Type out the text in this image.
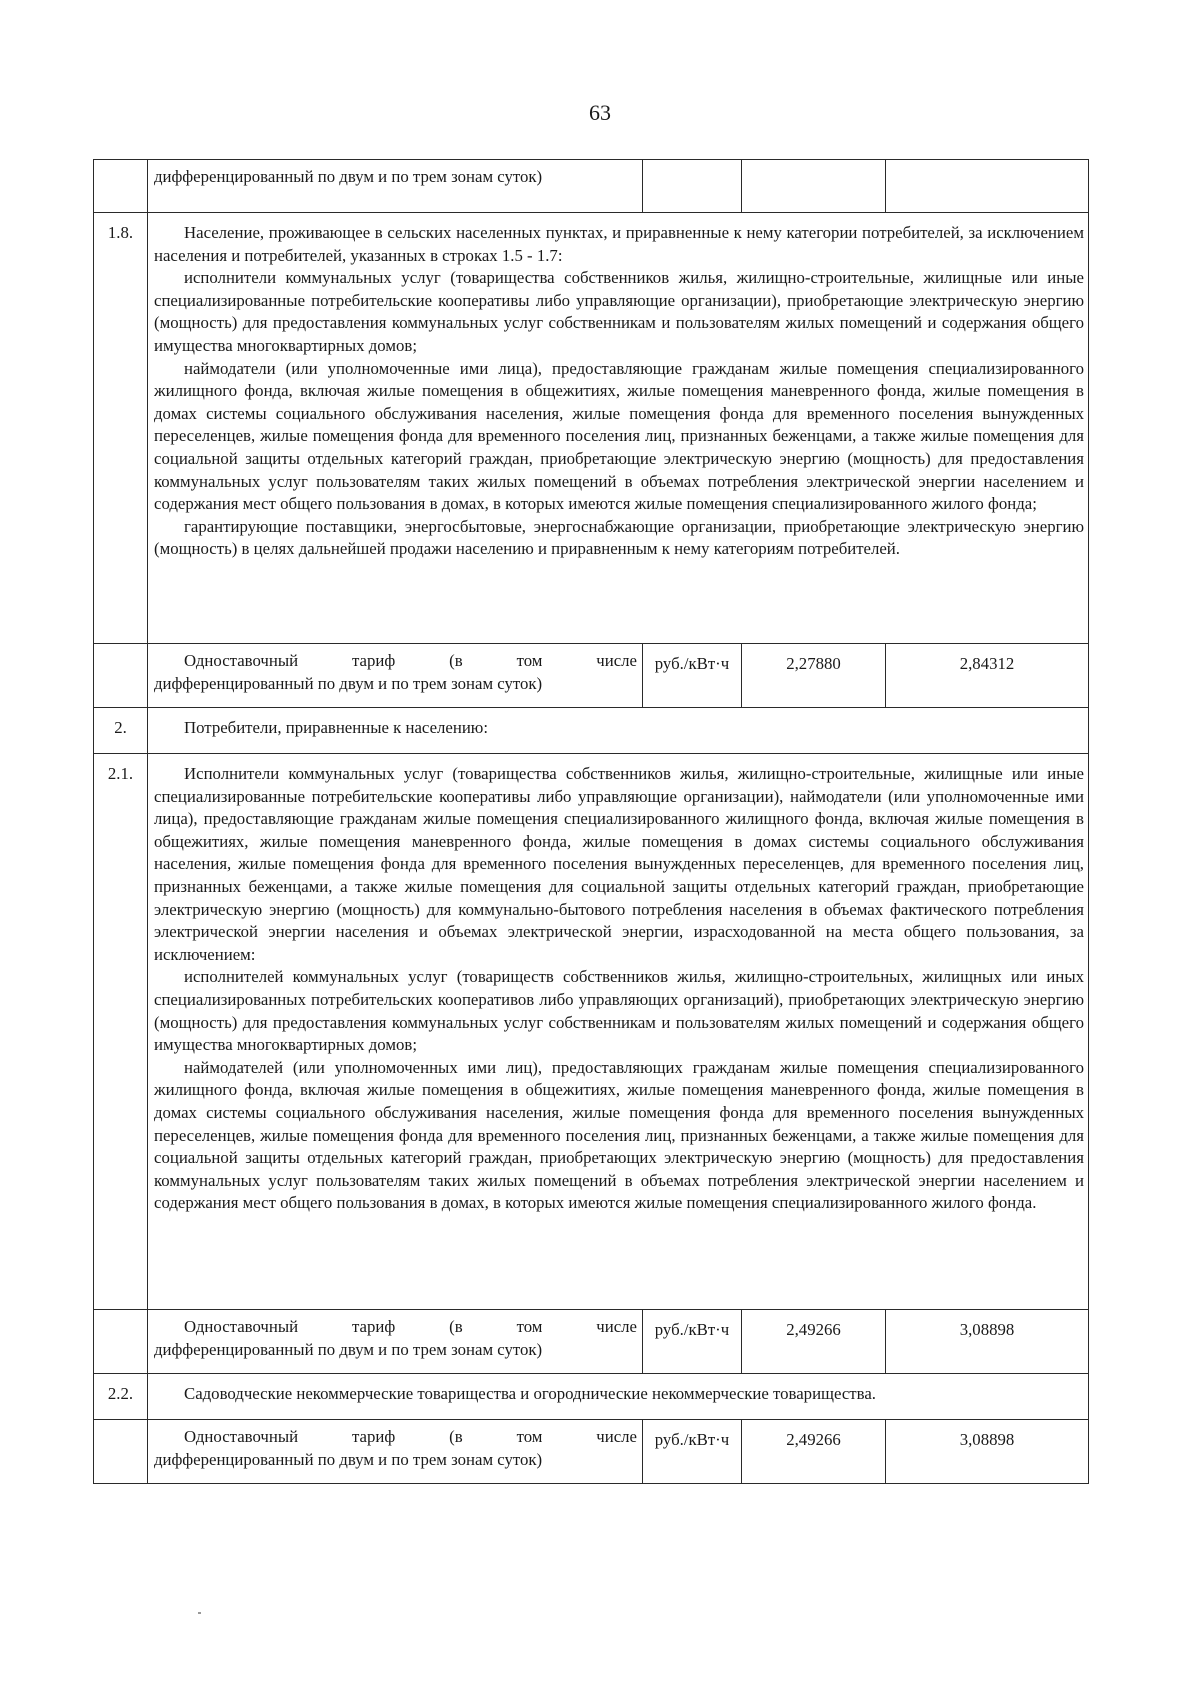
63
	дифференцированный по двум и по трем зонам суток)			
1.8.	Население, проживающее в сельских населенных пунктах, и приравненные к нему категории потребителей, за исключением населения и потребителей, указанных в строках 1.5 - 1.7:

исполнители коммунальных услуг (товарищества собственников жилья, жилищно-строительные, жилищные или иные специализированные потребительские кооперативы либо управляющие организации), приобретающие электрическую энергию (мощность) для предоставления коммунальных услуг собственникам и пользователям жилых помещений и содержания общего имущества многоквартирных домов;

наймодатели (или уполномоченные ими лица), предоставляющие гражданам жилые помещения специализированного жилищного фонда, включая жилые помещения в общежитиях, жилые помещения маневренного фонда, жилые помещения в домах системы социального обслуживания населения, жилые помещения фонда для временного поселения вынужденных переселенцев, жилые помещения фонда для временного поселения лиц, признанных беженцами, а также жилые помещения для социальной защиты отдельных категорий граждан, приобретающие электрическую энергию (мощность) для предоставления коммунальных услуг пользователям таких жилых помещений в объемах потребления электрической энергии населением и содержания мест общего пользования в домах, в которых имеются жилые помещения специализированного жилого фонда;

гарантирующие поставщики, энергосбытовые, энергоснабжающие организации, приобретающие электрическую энергию (мощность) в целях дальнейшей продажи населению и приравненным к нему категориям потребителей.			

	Одноставочный тариф (в том числе
дифференцированный по двум и по трем зонам суток)	руб./кВт·ч	2,27880	2,84312
2.	Потребители, приравненные к населению:			

2.1.	Исполнители коммунальных услуг (товарищества собственников жилья, жилищно-строительные, жилищные или иные специализированные потребительские кооперативы либо управляющие организации), наймодатели (или уполномоченные ими лица), предоставляющие гражданам жилые помещения специализированного жилищного фонда, включая жилые помещения в общежитиях, жилые помещения маневренного фонда, жилые помещения в домах системы социального обслуживания населения, жилые помещения фонда для временного поселения вынужденных переселенцев, для временного поселения лиц, признанных беженцами, а также жилые помещения для социальной защиты отдельных категорий граждан, приобретающие электрическую энергию (мощность) для коммунально-бытового потребления населения в объемах фактического потребления электрической энергии населения и объемах электрической энергии, израсходованной на места общего пользования, за исключением:

исполнителей коммунальных услуг (товариществ собственников жилья, жилищно-строительных, жилищных или иных специализированных потребительских кооперативов либо управляющих организаций), приобретающих электрическую энергию (мощность) для предоставления коммунальных услуг собственникам и пользователям жилых помещений и содержания общего имущества многоквартирных домов;

наймодателей (или уполномоченных ими лиц), предоставляющих гражданам жилые помещения специализированного жилищного фонда, включая жилые помещения в общежитиях, жилые помещения маневренного фонда, жилые помещения в домах системы социального обслуживания населения, жилые помещения фонда для временного поселения вынужденных переселенцев, жилые помещения фонда для временного поселения лиц, признанных беженцами, а также жилые помещения для социальной защиты отдельных категорий граждан, приобретающих электрическую энергию (мощность) для предоставления коммунальных услуг пользователям таких жилых помещений в объемах потребления электрической энергии населением и содержания мест общего пользования в домах, в которых имеются жилые помещения специализированного жилого фонда.			

	Одноставочный тариф (в том числе
дифференцированный по двум и по трем зонам суток)	руб./кВт·ч	2,49266	3,08898
2.2.	Садоводческие некоммерческие товарищества и огороднические некоммерческие товарищества.			

	Одноставочный тариф (в том числе
дифференцированный по двум и по трем зонам суток)	руб./кВт·ч	2,49266	3,08898
